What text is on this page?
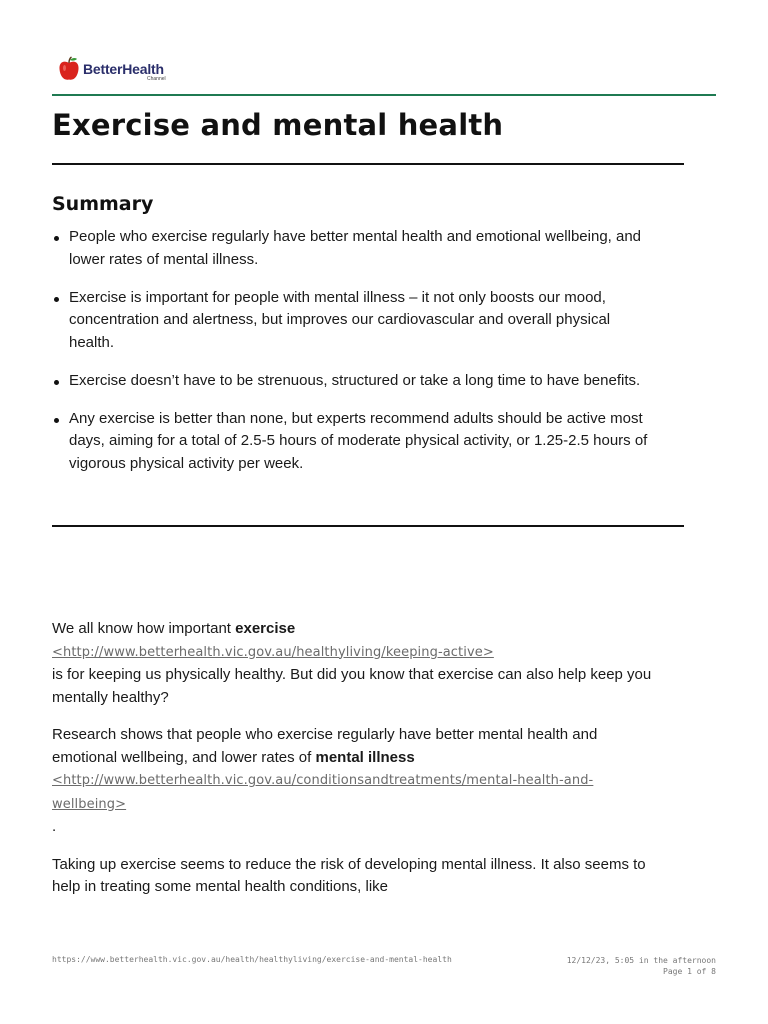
BetterHealth
Channel
Exercise and mental health
Summary
People who exercise regularly have better mental health and emotional wellbeing, and lower rates of mental illness.
Exercise is important for people with mental illness – it not only boosts our mood, concentration and alertness, but improves our cardiovascular and overall physical health.
Exercise doesn’t have to be strenuous, structured or take a long time to have benefits.
Any exercise is better than none, but experts recommend adults should be active most days, aiming for a total of 2.5-5 hours of moderate physical activity, or 1.25-2.5 hours of vigorous physical activity per week.

We all know how important exercise
<http://www.betterhealth.vic.gov.au/healthyliving/keeping-active>
is for keeping us physically healthy. But did you know that exercise can also help keep you mentally healthy?

Research shows that people who exercise regularly have better mental health and emotional wellbeing, and lower rates of mental illness
<http://www.betterhealth.vic.gov.au/conditionsandtreatments/mental-health-and-wellbeing>
.

Taking up exercise seems to reduce the risk of developing mental illness. It also seems to help in treating some mental health conditions, like

https://www.betterhealth.vic.gov.au/health/healthyliving/exercise-and-mental-health	12/12/23, 5:05 in the afternoon
Page 1 of 8
